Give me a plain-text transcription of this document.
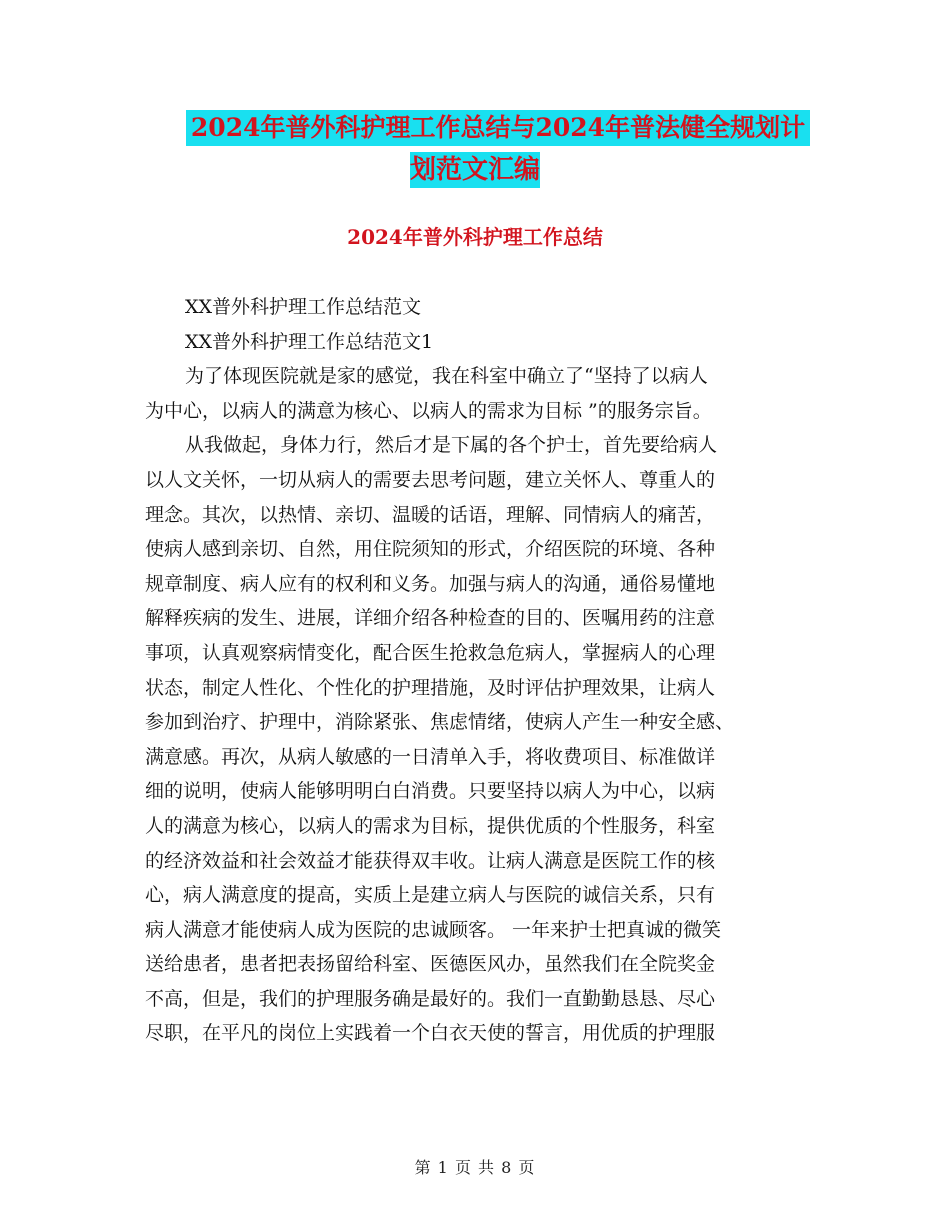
2024年普外科护理工作总结与2024年普法健全规划计
划范文汇编
2024年普外科护理工作总结
XX普外科护理工作总结范文
XX普外科护理工作总结范文1
为了体现医院就是家的感觉，我在科室中确立了“坚持了以病人
为中心，以病人的满意为核心、以病人的需求为目标 ”的服务宗旨。
从我做起，身体力行，然后才是下属的各个护士，首先要给病人
以人文关怀，一切从病人的需要去思考问题，建立关怀人、尊重人的
理念。其次，以热情、亲切、温暖的话语，理解、同情病人的痛苦，
使病人感到亲切、自然，用住院须知的形式，介绍医院的环境、各种
规章制度、病人应有的权利和义务。加强与病人的沟通，通俗易懂地
解释疾病的发生、进展，详细介绍各种检查的目的、医嘱用药的注意
事项，认真观察病情变化，配合医生抢救急危病人，掌握病人的心理
状态，制定人性化、个性化的护理措施，及时评估护理效果，让病人
参加到治疗、护理中，消除紧张、焦虑情绪，使病人产生一种安全感、
满意感。再次，从病人敏感的一日清单入手，将收费项目、标准做详
细的说明，使病人能够明明白白消费。只要坚持以病人为中心，以病
人的满意为核心，以病人的需求为目标，提供优质的个性服务，科室
的经济效益和社会效益才能获得双丰收。让病人满意是医院工作的核
心，病人满意度的提高，实质上是建立病人与医院的诚信关系，只有
病人满意才能使病人成为医院的忠诚顾客。 一年来护士把真诚的微笑
送给患者，患者把表扬留给科室、医德医风办，虽然我们在全院奖金
不高，但是，我们的护理服务确是最好的。我们一直勤勤恳恳、尽心
尽职，在平凡的岗位上实践着一个白衣天使的誓言，用优质的护理服
第 1 页 共 8 页
